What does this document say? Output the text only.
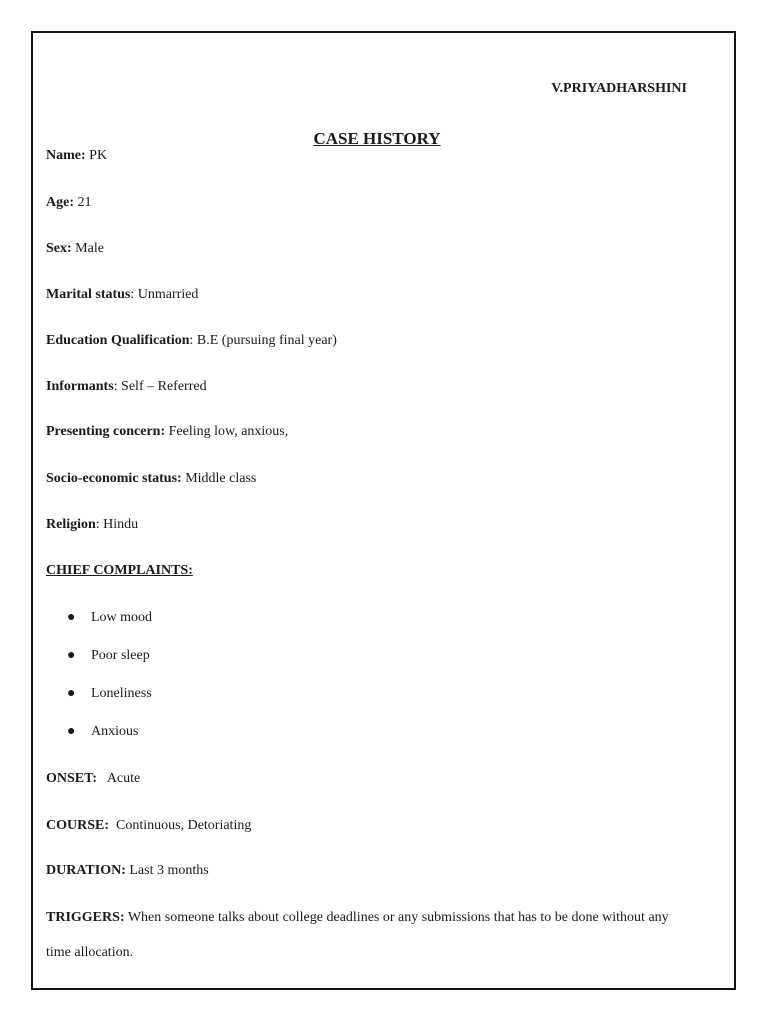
V.PRIYADHARSHINI
CASE HISTORY
Name: PK
Age: 21
Sex: Male
Marital status: Unmarried
Education Qualification: B.E (pursuing final year)
Informants: Self – Referred
Presenting concern: Feeling low, anxious,
Socio-economic status: Middle class
Religion: Hindu
CHIEF COMPLAINTS:
● Low mood
● Poor sleep
● Loneliness
● Anxious
ONSET:   Acute
COURSE:  Continuous, Detoriating
DURATION: Last 3 months
TRIGGERS: When someone talks about college deadlines or any submissions that has to be done without any
time allocation.
